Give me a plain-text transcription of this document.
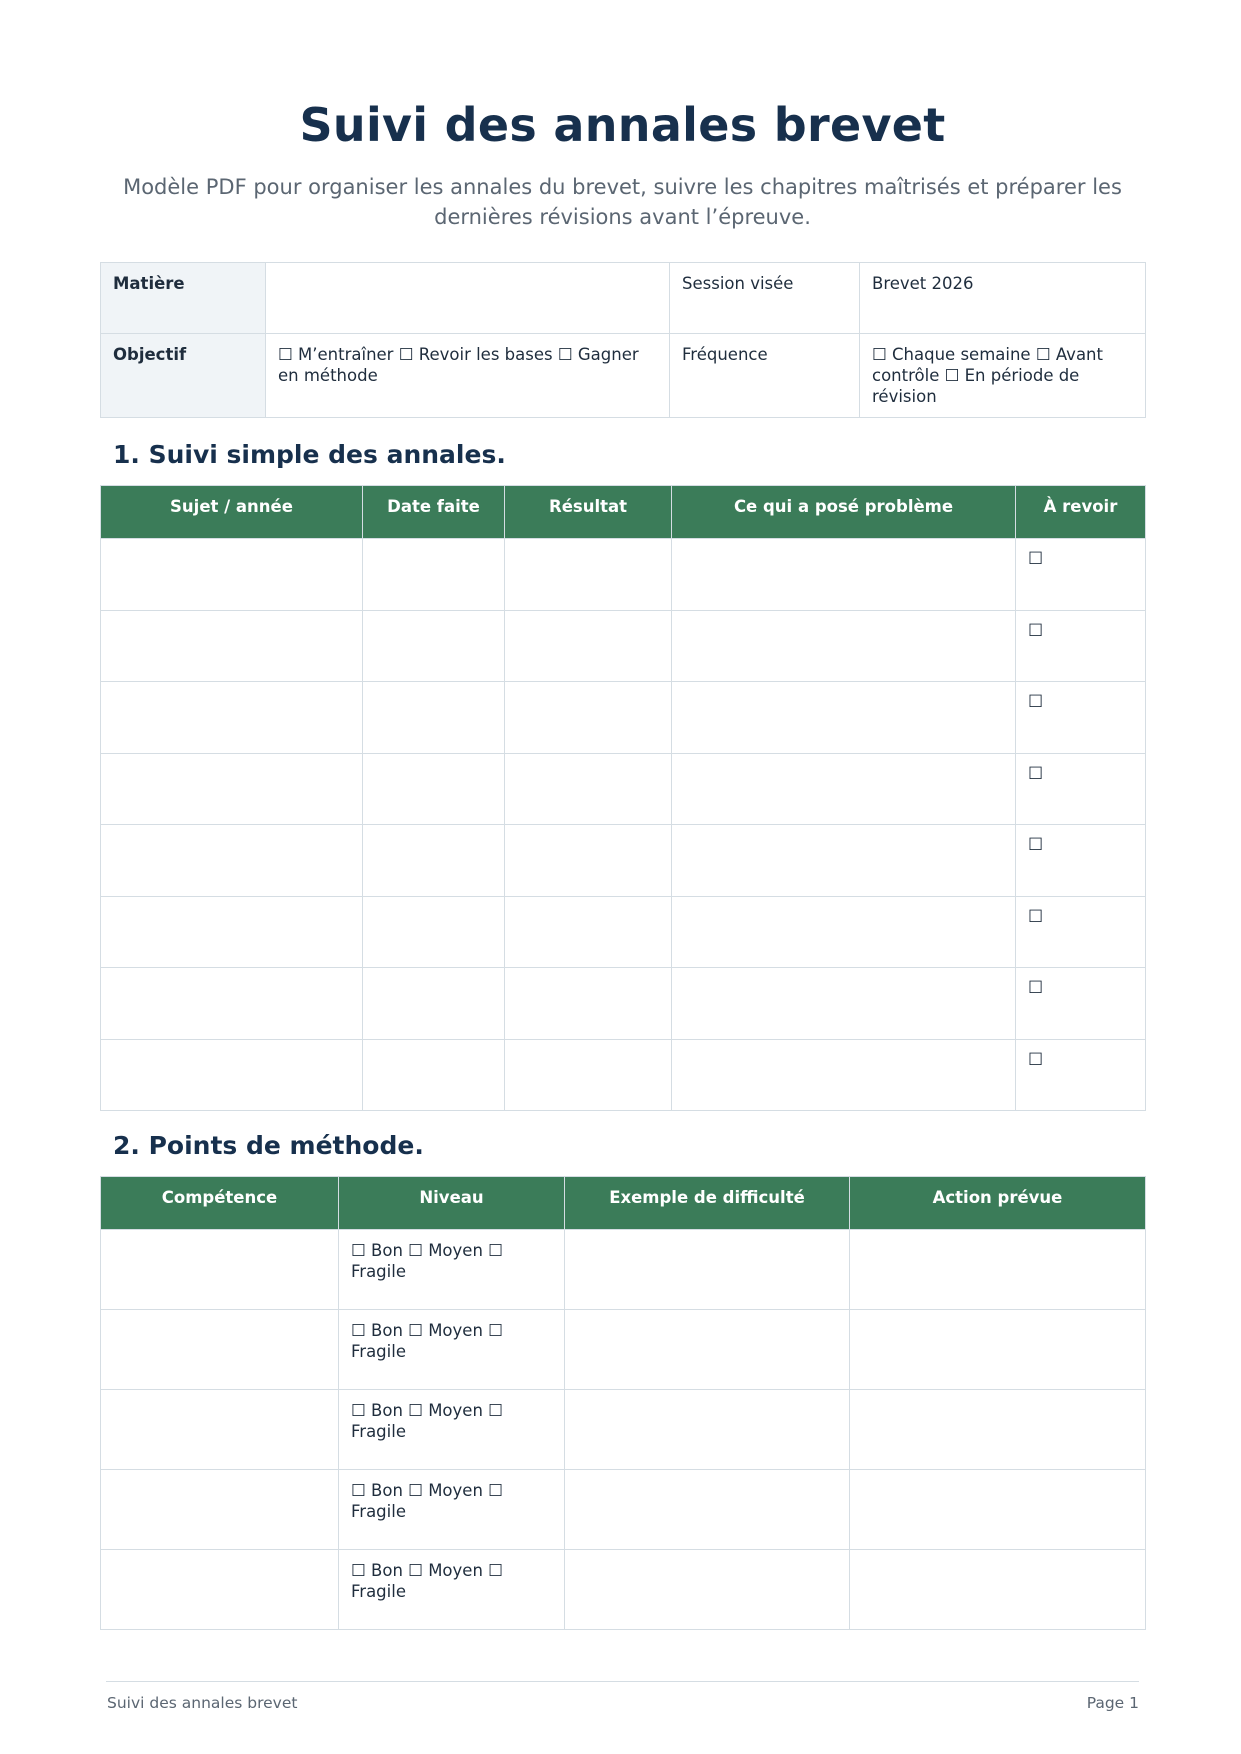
Suivi des annales brevet
Modèle PDF pour organiser les annales du brevet, suivre les chapitres maîtrisés et préparer les dernières révisions avant l’épreuve.
Matière		Session visée	Brevet 2026
Objectif	☐ M’entraîner ☐ Revoir les bases ☐ Gagner en méthode	Fréquence	☐ Chaque semaine ☐ Avant contrôle ☐ En période de révision
1. Suivi simple des annales.
Sujet / année	Date faite	Résultat	Ce qui a posé problème	À revoir
				☐
				☐
				☐
				☐
				☐
				☐
				☐
				☐
2. Points de méthode.
Compétence	Niveau	Exemple de difficulté	Action prévue
	☐ Bon ☐ Moyen ☐ Fragile		
	☐ Bon ☐ Moyen ☐ Fragile		
	☐ Bon ☐ Moyen ☐ Fragile		
	☐ Bon ☐ Moyen ☐ Fragile		
	☐ Bon ☐ Moyen ☐ Fragile		
Suivi des annales brevet	Page 1
